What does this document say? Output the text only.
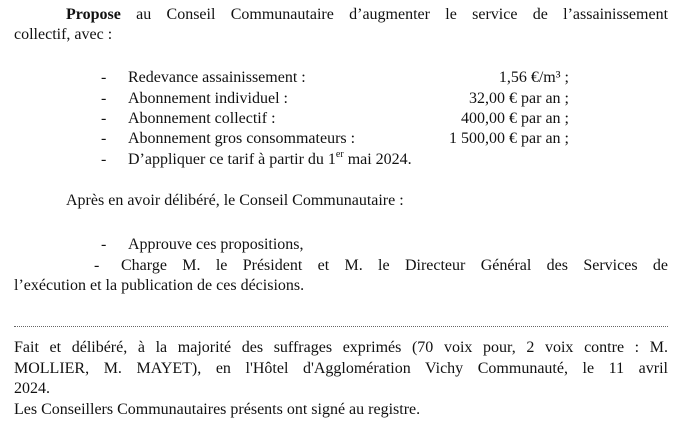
Propose au Conseil Communautaire d’augmenter le service de l’assainissement
collectif, avec :
- Redevance assainissement :	1,56 €/m³ ;
- Abonnement individuel :	32,00 € par an ;
- Abonnement collectif :	400,00 € par an ;
- Abonnement gros consommateurs :	1 500,00 € par an ;
- D’appliquer ce tarif à partir du 1er mai 2024.
Après en avoir délibéré, le Conseil Communautaire :
- Approuve ces propositions,
- Charge M. le Président et M. le Directeur Général des Services de
l’exécution et la publication de ces décisions.
Fait et délibéré, à la majorité des suffrages exprimés (70 voix pour, 2 voix contre : M.
MOLLIER, M. MAYET), en l'Hôtel d'Agglomération Vichy Communauté, le 11 avril
2024.
Les Conseillers Communautaires présents ont signé au registre.
